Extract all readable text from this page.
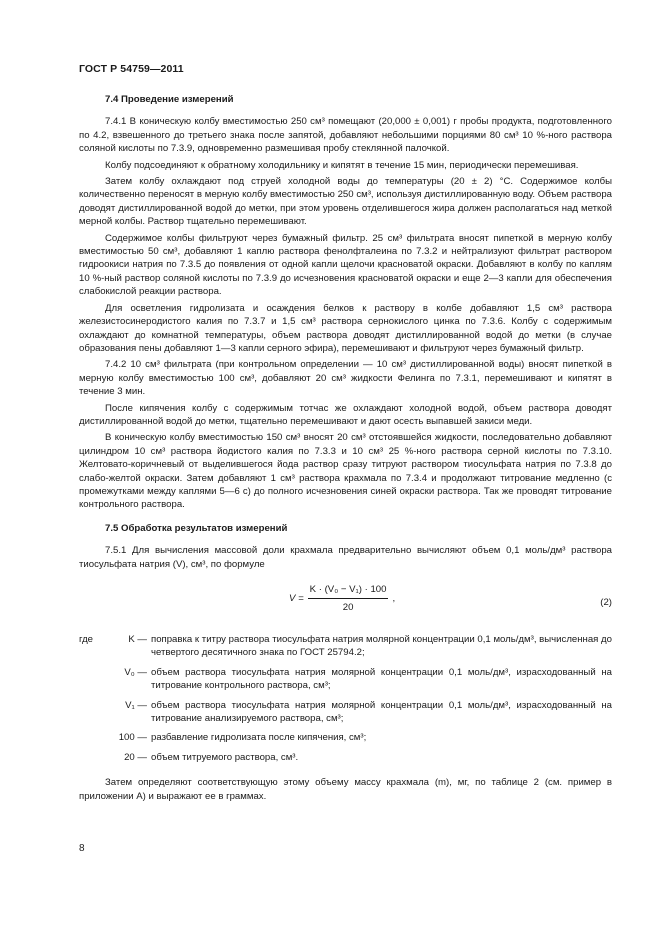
ГОСТ Р 54759—2011
7.4 Проведение измерений

7.4.1 В коническую колбу вместимостью 250 см³ помещают (20,000 ± 0,001) г пробы продукта, подготовленного по 4.2, взвешенного до третьего знака после запятой, добавляют небольшими порциями 80 см³ 10 %-ного раствора соляной кислоты по 7.3.9, одновременно размешивая пробу стеклянной палочкой.

Колбу подсоединяют к обратному холодильнику и кипятят в течение 15 мин, периодически перемешивая.

Затем колбу охлаждают под струей холодной воды до температуры (20 ± 2) °С. Содержимое колбы количественно переносят в мерную колбу вместимостью 250 см³, используя дистиллированную воду. Объем раствора доводят дистиллированной водой до метки, при этом уровень отделившегося жира должен располагаться над меткой мерной колбы. Раствор тщательно перемешивают.

Содержимое колбы фильтруют через бумажный фильтр. 25 см³ фильтрата вносят пипеткой в мерную колбу вместимостью 50 см³, добавляют 1 каплю раствора фенолфталеина по 7.3.2 и нейтрализуют фильтрат раствором гидроокиси натрия по 7.3.5 до появления от одной капли щелочи красноватой окраски. Добавляют в колбу по каплям 10 %-ный раствор соляной кислоты по 7.3.9 до исчезновения красноватой окраски и еще 2—3 капли для обеспечения слабокислой реакции раствора.

Для осветления гидролизата и осаждения белков к раствору в колбе добавляют 1,5 см³ раствора железистосинеродистого калия по 7.3.7 и 1,5 см³ раствора сернокислого цинка по 7.3.6. Колбу с содержимым охлаждают до комнатной температуры, объем раствора доводят дистиллированной водой до метки (в случае образования пены добавляют 1—3 капли серного эфира), перемешивают и фильтруют через бумажный фильтр.

7.4.2 10 см³ фильтрата (при контрольном определении — 10 см³ дистиллированной воды) вносят пипеткой в мерную колбу вместимостью 100 см³, добавляют 20 см³ жидкости Фелинга по 7.3.1, перемешивают и кипятят в течение 3 мин.

После кипячения колбу с содержимым тотчас же охлаждают холодной водой, объем раствора доводят дистиллированной водой до метки, тщательно перемешивают и дают осесть выпавшей закиси меди.

В коническую колбу вместимостью 150 см³ вносят 20 см³ отстоявшейся жидкости, последовательно добавляют цилиндром 10 см³ раствора йодистого калия по 7.3.3 и 10 см³ 25 %-ного раствора серной кислоты по 7.3.10. Желтовато-коричневый от выделившегося йода раствор сразу титруют раствором тиосульфата натрия по 7.3.8 до слабо-желтой окраски. Затем добавляют 1 см³ раствора крахмала по 7.3.4 и продолжают титрование медленно (с промежутками между каплями 5—6 с) до полного исчезновения синей окраски раствора. Так же проводят титрование контрольного раствора.

7.5 Обработка результатов измерений

7.5.1 Для вычисления массовой доли крахмала предварительно вычисляют объем 0,1 моль/дм³ раствора тиосульфата натрия (V), см³, по формуле

$V = \frac{\text{K · (V₀ − V₁) · 100}}{20}$ ,	(2)
где	K — поправка к титру раствора тиосульфата натрия молярной концентрации 0,1 моль/дм³, вычисленная до четвертого десятичного знака по ГОСТ 25794.2;
V₀ — объем раствора тиосульфата натрия молярной концентрации 0,1 моль/дм³, израсходованный на титрование контрольного раствора, см³;
V₁ — объем раствора тиосульфата натрия молярной концентрации 0,1 моль/дм³, израсходованный на титрование анализируемого раствора, см³;
100 — разбавление гидролизата после кипячения, см³;
20 — объем титруемого раствора, см³.

Затем определяют соответствующую этому объему массу крахмала (m), мг, по таблице 2 (см. пример в приложении А) и выражают ее в граммах.

8
